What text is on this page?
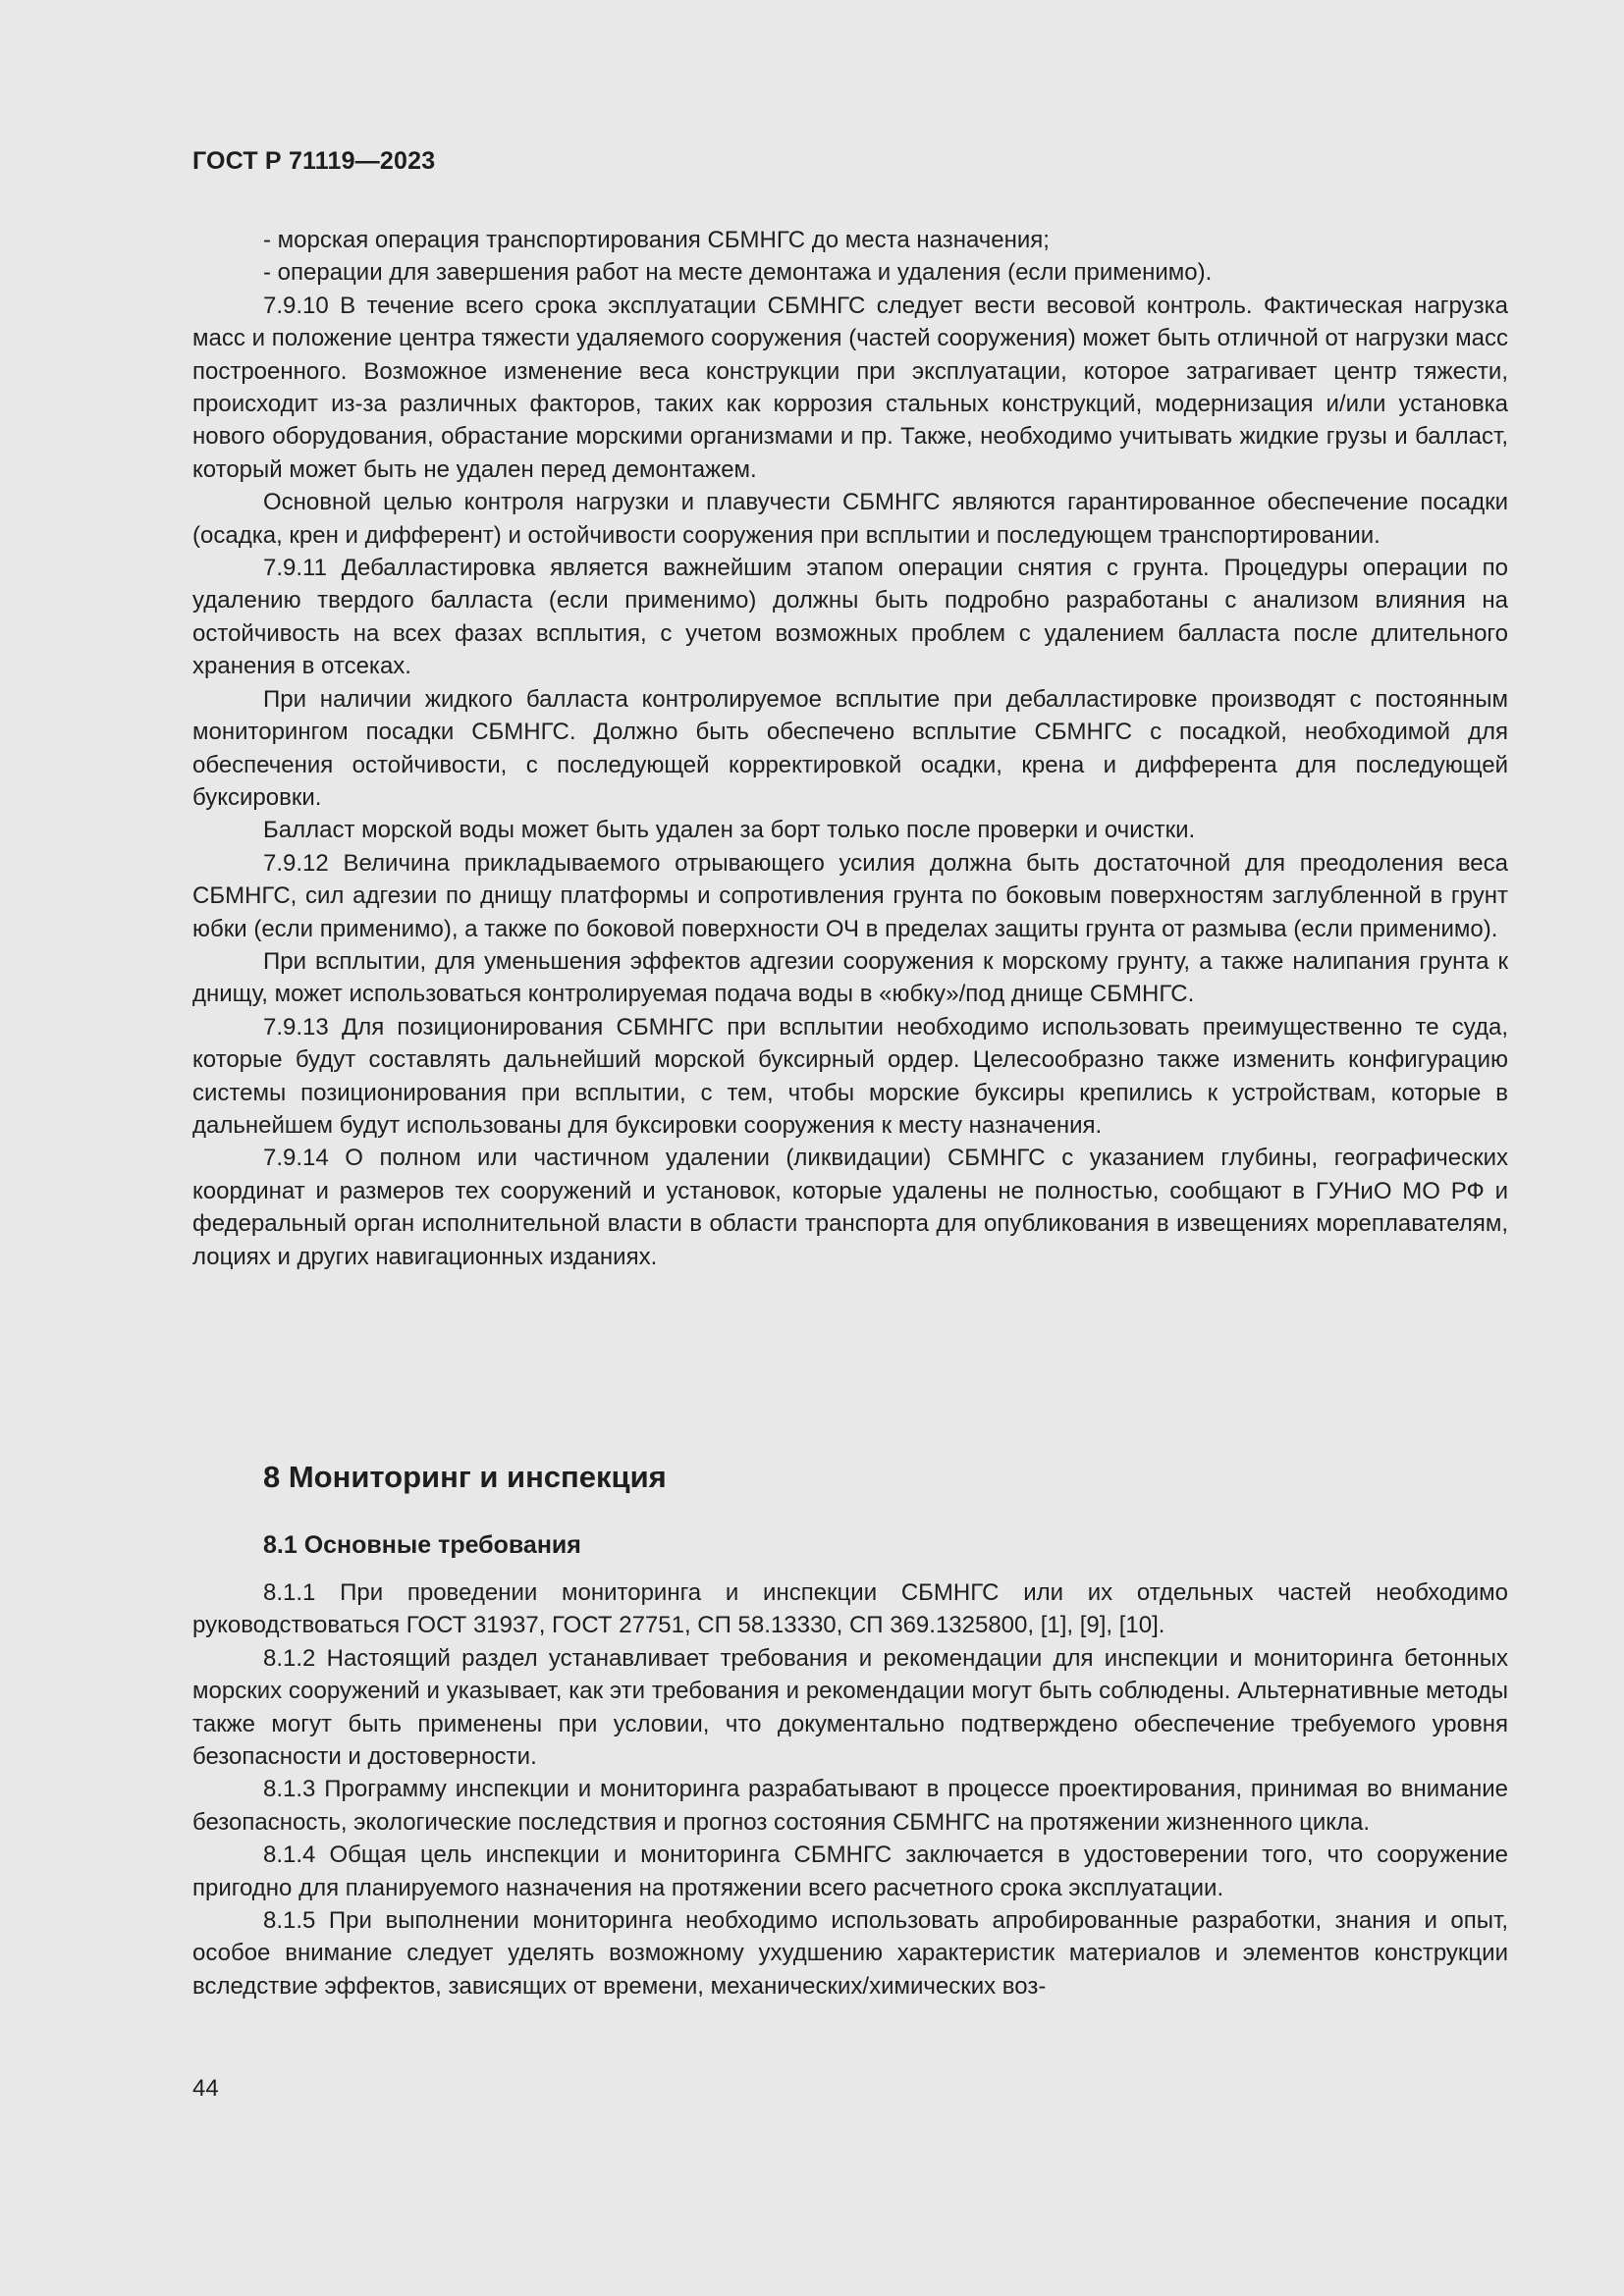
ГОСТ Р 71119—2023

- морская операция транспортирования СБМНГС до места назначения;

- операции для завершения работ на месте демонтажа и удаления (если применимо).

7.9.10 В течение всего срока эксплуатации СБМНГС следует вести весовой контроль. Фактическая нагрузка масс и положение центра тяжести удаляемого сооружения (частей сооружения) может быть отличной от нагрузки масс построенного. Возможное изменение веса конструкции при эксплуатации, которое затрагивает центр тяжести, происходит из-за различных факторов, таких как коррозия стальных конструкций, модернизация и/или установка нового оборудования, обрастание морскими организмами и пр. Также, необходимо учитывать жидкие грузы и балласт, который может быть не удален перед демонтажем.

Основной целью контроля нагрузки и плавучести СБМНГС являются гарантированное обеспечение посадки (осадка, крен и дифферент) и остойчивости сооружения при всплытии и последующем транспортировании.

7.9.11 Дебалластировка является важнейшим этапом операции снятия с грунта. Процедуры операции по удалению твердого балласта (если применимо) должны быть подробно разработаны с анализом влияния на остойчивость на всех фазах всплытия, с учетом возможных проблем с удалением балласта после длительного хранения в отсеках.

При наличии жидкого балласта контролируемое всплытие при дебалластировке производят с постоянным мониторингом посадки СБМНГС. Должно быть обеспечено всплытие СБМНГС с посадкой, необходимой для обеспечения остойчивости, с последующей корректировкой осадки, крена и дифферента для последующей буксировки.

Балласт морской воды может быть удален за борт только после проверки и очистки.

7.9.12 Величина прикладываемого отрывающего усилия должна быть достаточной для преодоления веса СБМНГС, сил адгезии по днищу платформы и сопротивления грунта по боковым поверхностям заглубленной в грунт юбки (если применимо), а также по боковой поверхности ОЧ в пределах защиты грунта от размыва (если применимо).

При всплытии, для уменьшения эффектов адгезии сооружения к морскому грунту, а также налипания грунта к днищу, может использоваться контролируемая подача воды в «юбку»/под днище СБМНГС.

7.9.13 Для позиционирования СБМНГС при всплытии необходимо использовать преимущественно те суда, которые будут составлять дальнейший морской буксирный ордер. Целесообразно также изменить конфигурацию системы позиционирования при всплытии, с тем, чтобы морские буксиры крепились к устройствам, которые в дальнейшем будут использованы для буксировки сооружения к месту назначения.

7.9.14 О полном или частичном удалении (ликвидации) СБМНГС с указанием глубины, географических координат и размеров тех сооружений и установок, которые удалены не полностью, сообщают в ГУНиО МО РФ и федеральный орган исполнительной власти в области транспорта для опубликования в извещениях мореплавателям, лоциях и других навигационных изданиях.

8 Мониторинг и инспекция
8.1 Основные требования

8.1.1 При проведении мониторинга и инспекции СБМНГС или их отдельных частей необходимо руководствоваться ГОСТ 31937, ГОСТ 27751, СП 58.13330, СП 369.1325800, [1], [9], [10].

8.1.2 Настоящий раздел устанавливает требования и рекомендации для инспекции и мониторинга бетонных морских сооружений и указывает, как эти требования и рекомендации могут быть соблюдены. Альтернативные методы также могут быть применены при условии, что документально подтверждено обеспечение требуемого уровня безопасности и достоверности.

8.1.3 Программу инспекции и мониторинга разрабатывают в процессе проектирования, принимая во внимание безопасность, экологические последствия и прогноз состояния СБМНГС на протяжении жизненного цикла.

8.1.4 Общая цель инспекции и мониторинга СБМНГС заключается в удостоверении того, что сооружение пригодно для планируемого назначения на протяжении всего расчетного срока эксплуатации.

8.1.5 При выполнении мониторинга необходимо использовать апробированные разработки, знания и опыт, особое внимание следует уделять возможному ухудшению характеристик материалов и элементов конструкции вследствие эффектов, зависящих от времени, механических/химических воз-

44
